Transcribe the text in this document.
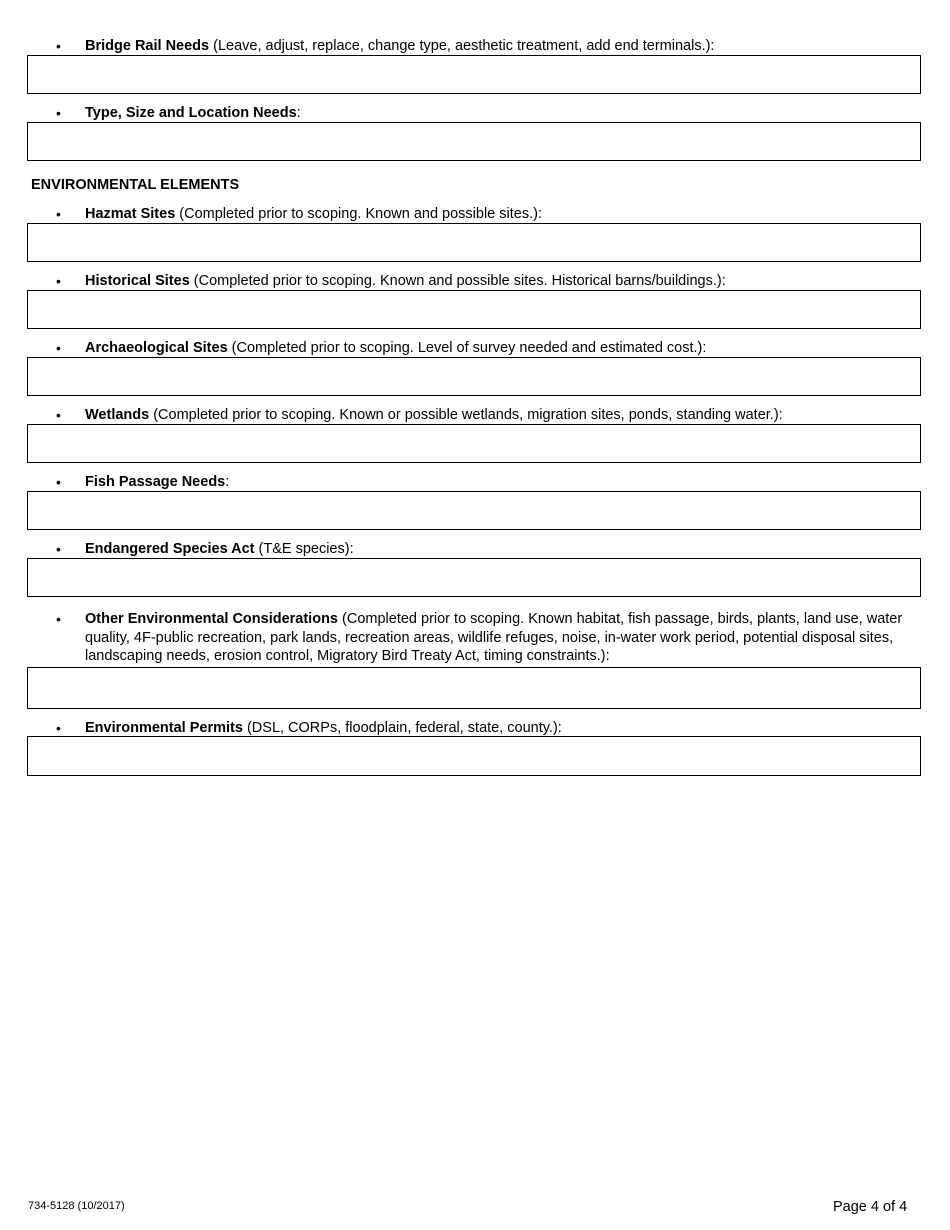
• Bridge Rail Needs (Leave, adjust, replace, change type, aesthetic treatment, add end terminals.):
• Type, Size and Location Needs:
ENVIRONMENTAL ELEMENTS
• Hazmat Sites (Completed prior to scoping. Known and possible sites.):
• Historical Sites (Completed prior to scoping. Known and possible sites. Historical barns/buildings.):
• Archaeological Sites (Completed prior to scoping. Level of survey needed and estimated cost.):
• Wetlands (Completed prior to scoping. Known or possible wetlands, migration sites, ponds, standing water.):
• Fish Passage Needs:
• Endangered Species Act (T&E species):
• Other Environmental Considerations (Completed prior to scoping. Known habitat, fish passage, birds, plants, land use, water quality, 4F-public recreation, park lands, recreation areas, wildlife refuges, noise, in-water work period, potential disposal sites, landscaping needs, erosion control, Migratory Bird Treaty Act, timing constraints.):
• Environmental Permits (DSL, CORPs, floodplain, federal, state, county.):
734-5128 (10/2017)	Page 4 of 4
